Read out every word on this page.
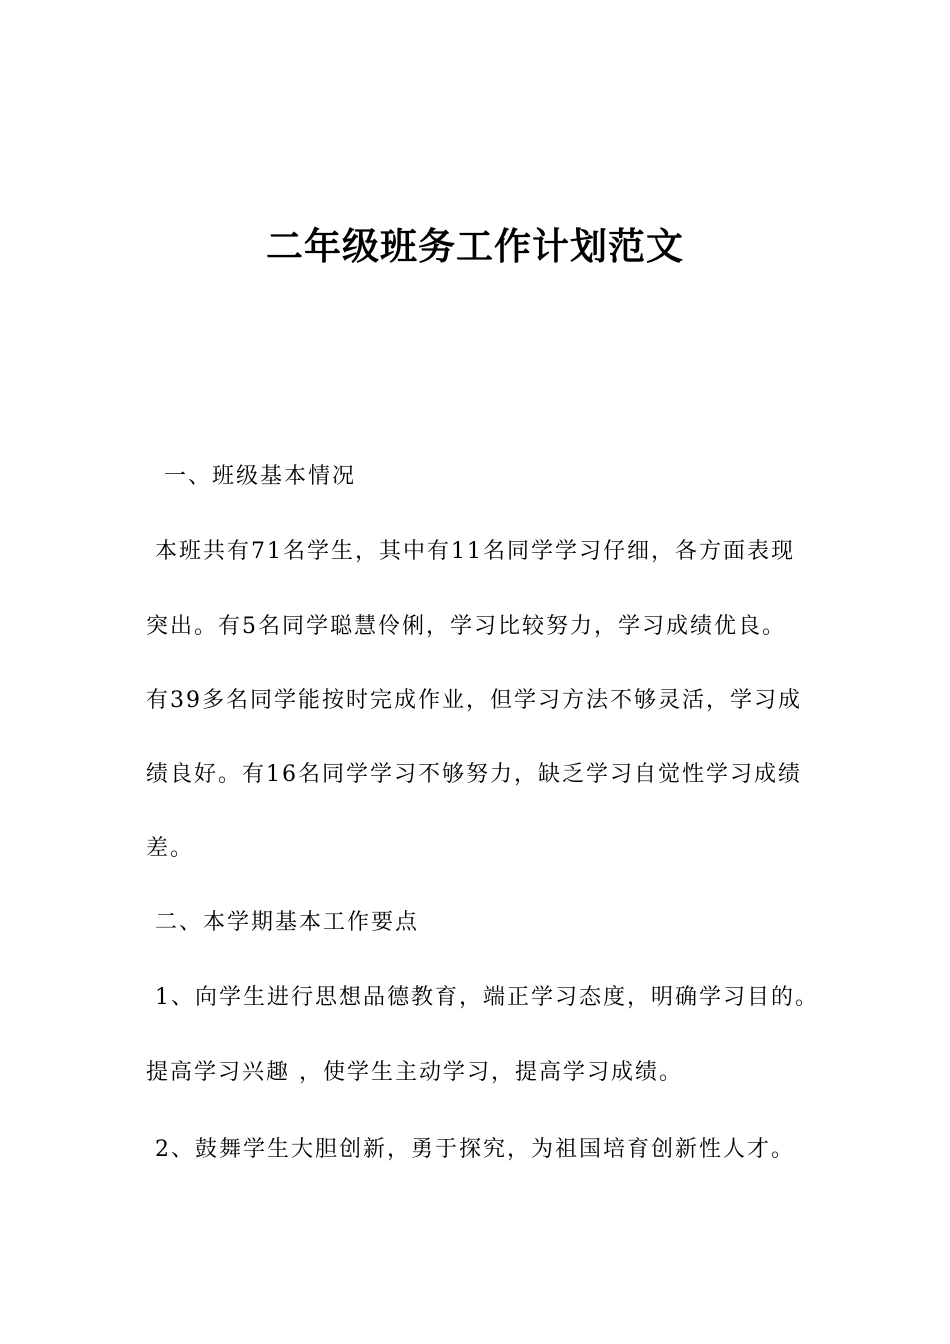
二年级班务工作计划范文

一、班级基本情况

本班共有71名学生，其中有11名同学学习仔细，各方面表现

突出。有5名同学聪慧伶俐，学习比较努力，学习成绩优良。

有39多名同学能按时完成作业，但学习方法不够灵活，学习成

绩良好。有16名同学学习不够努力，缺乏学习自觉性学习成绩

差。

二、本学期基本工作要点

1、向学生进行思想品德教育，端正学习态度，明确学习目的。

提高学习兴趣 ，使学生主动学习，提高学习成绩。

2、鼓舞学生大胆创新，勇于探究，为祖国培育创新性人才。
